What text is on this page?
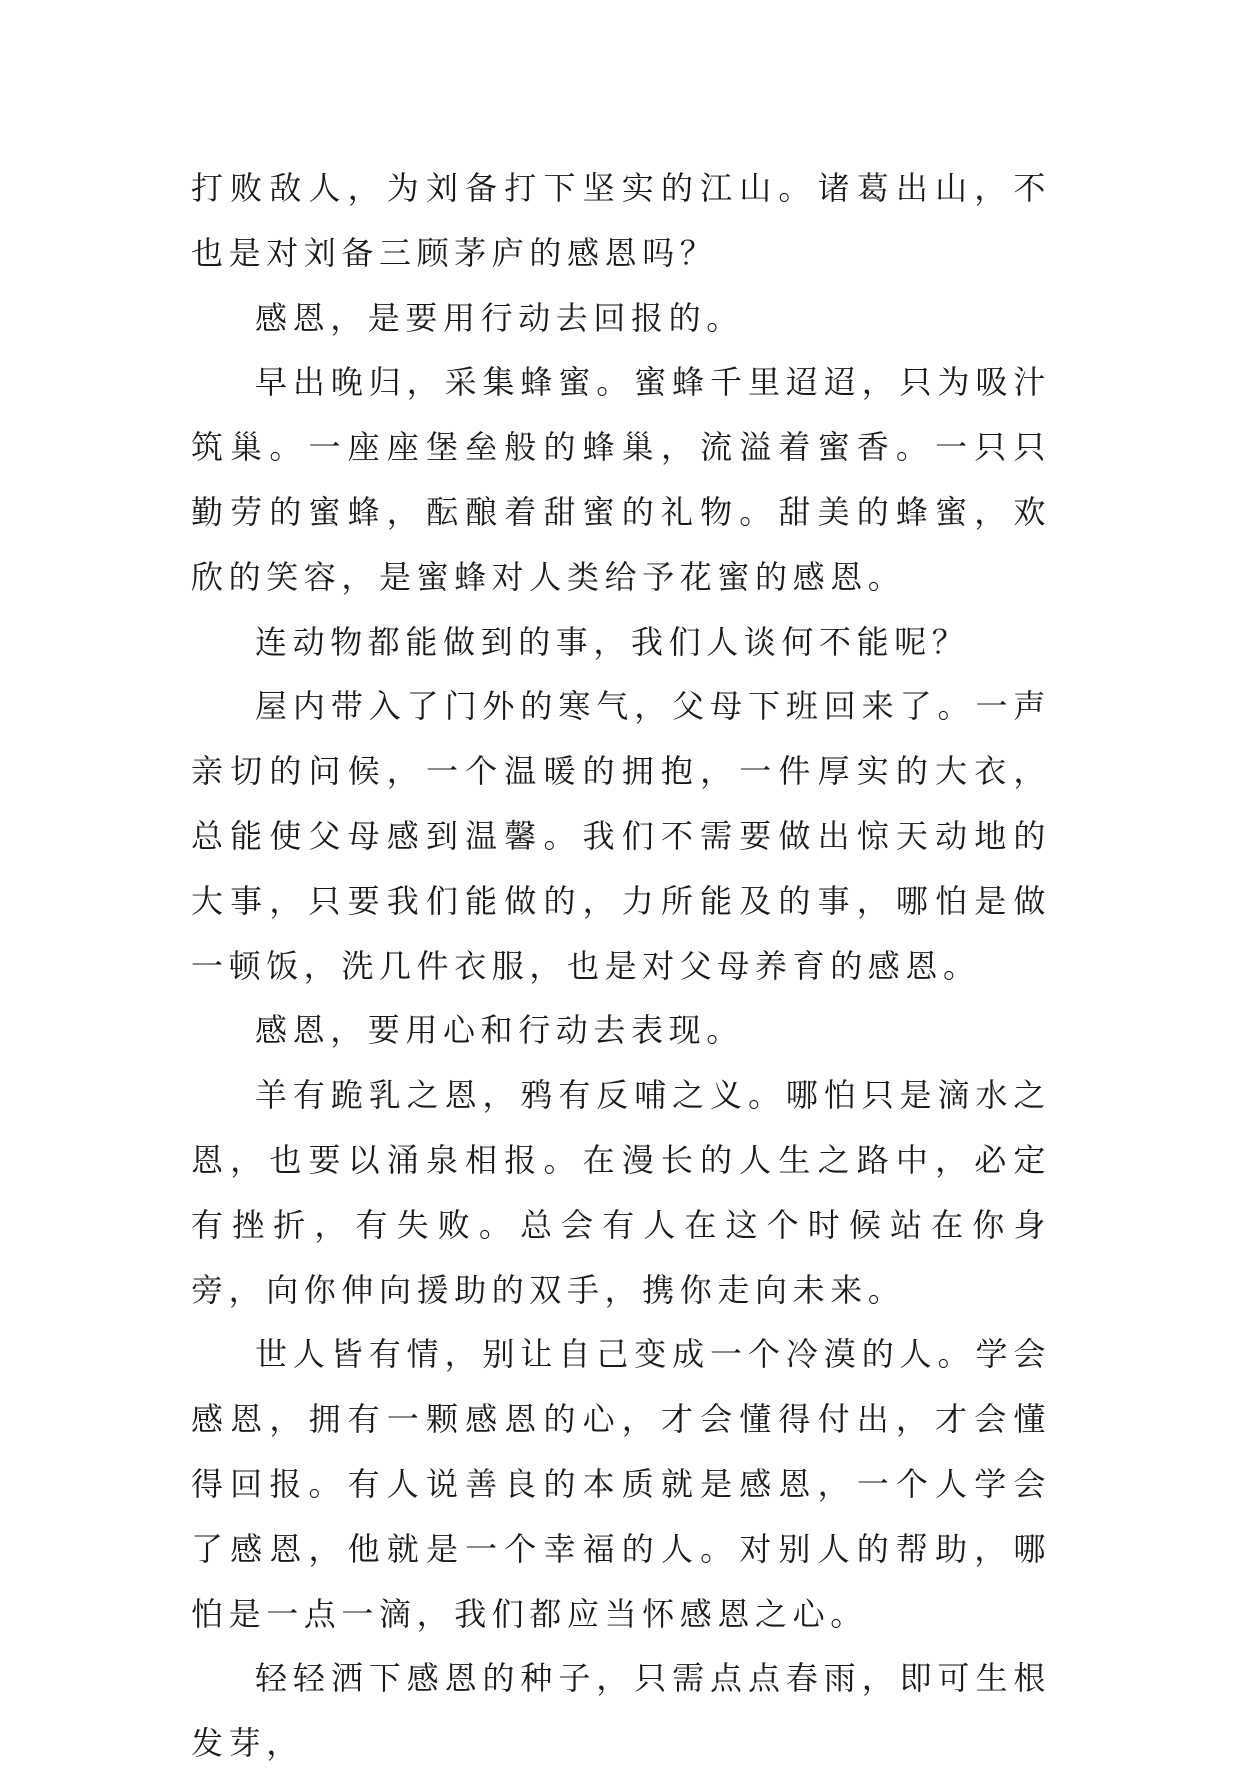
打败敌人，为刘备打下坚实的江山。诸葛出山，不也是对刘备三顾茅庐的感恩吗？

感恩，是要用行动去回报的。

早出晚归，采集蜂蜜。蜜蜂千里迢迢，只为吸汁筑巢。一座座堡垒般的蜂巢，流溢着蜜香。一只只勤劳的蜜蜂，酝酿着甜蜜的礼物。甜美的蜂蜜，欢欣的笑容，是蜜蜂对人类给予花蜜的感恩。

连动物都能做到的事，我们人谈何不能呢？

屋内带入了门外的寒气，父母下班回来了。一声亲切的问候，一个温暖的拥抱，一件厚实的大衣，总能使父母感到温馨。我们不需要做出惊天动地的大事，只要我们能做的，力所能及的事，哪怕是做一顿饭，洗几件衣服，也是对父母养育的感恩。

感恩，要用心和行动去表现。

羊有跪乳之恩，鸦有反哺之义。哪怕只是滴水之恩，也要以涌泉相报。在漫长的人生之路中，必定有挫折，有失败。总会有人在这个时候站在你身旁，向你伸向援助的双手，携你走向未来。

世人皆有情，别让自己变成一个冷漠的人。学会感恩，拥有一颗感恩的心，才会懂得付出，才会懂得回报。有人说善良的本质就是感恩，一个人学会了感恩，他就是一个幸福的人。对别人的帮助，哪怕是一点一滴，我们都应当怀感恩之心。

轻轻洒下感恩的种子，只需点点春雨，即可生根发芽，
